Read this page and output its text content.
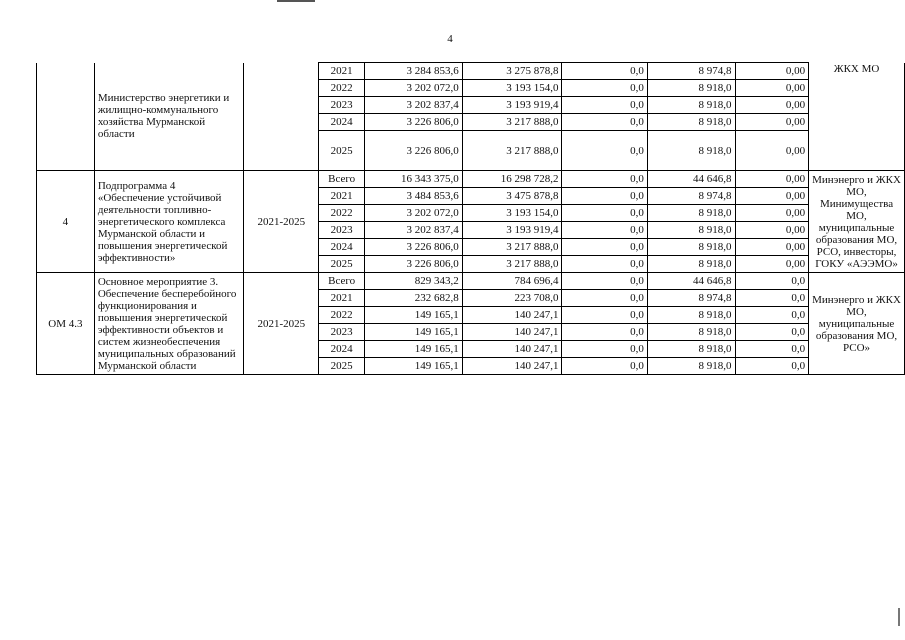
4
	Министерство энергетики и жилищно-коммунального хозяйства Мурманской области		2021	3 284 853,6	3 275 878,8	0,0	8 974,8	0,00	ЖКХ МО
			2022	3 202 072,0	3 193 154,0	0,0	8 918,0	0,00	
			2023	3 202 837,4	3 193 919,4	0,0	8 918,0	0,00	
			2024	3 226 806,0	3 217 888,0	0,0	8 918,0	0,00	
			2025	3 226 806,0	3 217 888,0	0,0	8 918,0	0,00	
4	Подпрограмма 4 «Обеспечение устойчивой деятельности топливно-энергетического комплекса Мурманской области и повышения энергетической эффективности»	2021-2025	Всего	16 343 375,0	16 298 728,2	0,0	44 646,8	0,00	Минэнерго и ЖКХ МО, Минимущества МО, муниципальные образования МО, РСО, инвесторы, ГОКУ «АЭЭМО»
			2021	3 484 853,6	3 475 878,8	0,0	8 974,8	0,00	
			2022	3 202 072,0	3 193 154,0	0,0	8 918,0	0,00	
			2023	3 202 837,4	3 193 919,4	0,0	8 918,0	0,00	
			2024	3 226 806,0	3 217 888,0	0,0	8 918,0	0,00	
			2025	3 226 806,0	3 217 888,0	0,0	8 918,0	0,00	
ОМ 4.3	Основное мероприятие 3. Обеспечение бесперебойного функционирования и повышения энергетической эффективности объектов и систем жизнеобеспечения муниципальных образований Мурманской области	2021-2025	Всего	829 343,2	784 696,4	0,0	44 646,8	0,0	Минэнерго и ЖКХ МО, муниципальные образования МО, РСО»
			2021	232 682,8	223 708,0	0,0	8 974,8	0,0	
			2022	149 165,1	140 247,1	0,0	8 918,0	0,0	
			2023	149 165,1	140 247,1	0,0	8 918,0	0,0	
			2024	149 165,1	140 247,1	0,0	8 918,0	0,0	
			2025	149 165,1	140 247,1	0,0	8 918,0	0,0	
